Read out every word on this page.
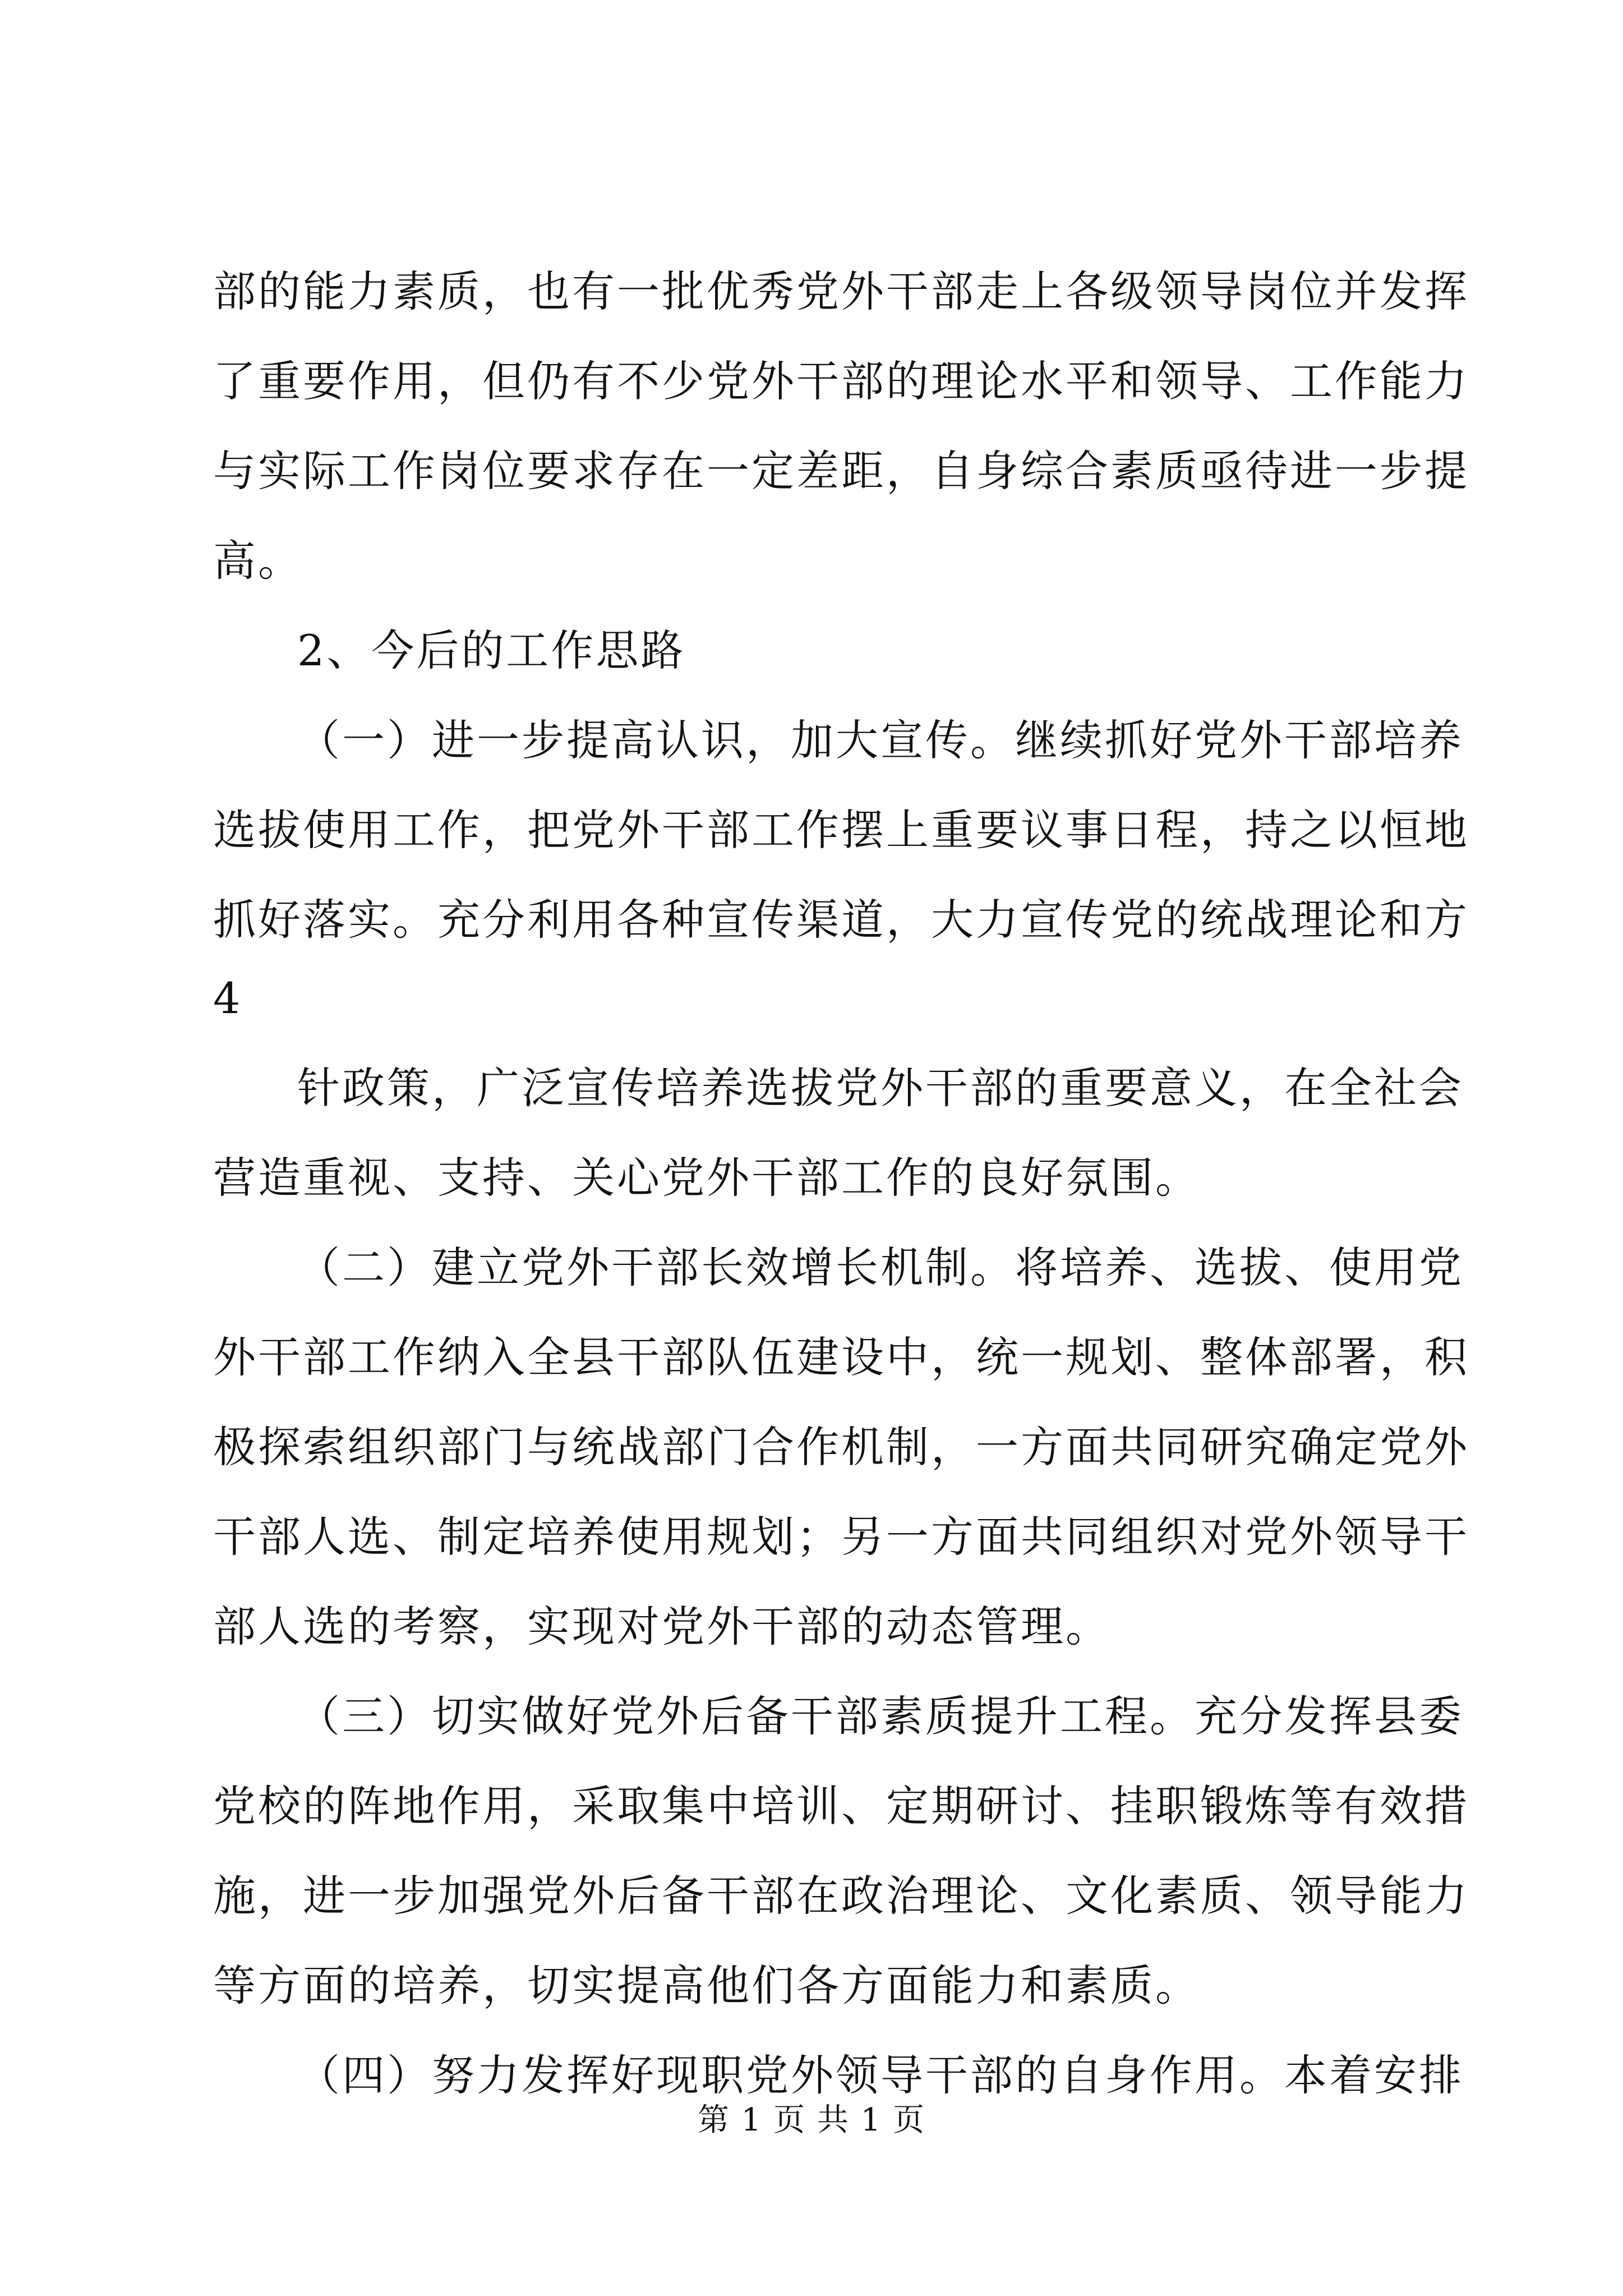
部的能力素质，也有一批优秀党外干部走上各级领导岗位并发挥
了重要作用，但仍有不少党外干部的理论水平和领导、工作能力
与实际工作岗位要求存在一定差距，自身综合素质亟待进一步提
高。
2、今后的工作思路
（一）进一步提高认识，加大宣传。继续抓好党外干部培养
选拔使用工作，把党外干部工作摆上重要议事日程，持之以恒地
抓好落实。充分利用各种宣传渠道，大力宣传党的统战理论和方
4
针政策，广泛宣传培养选拔党外干部的重要意义，在全社会
营造重视、支持、关心党外干部工作的良好氛围。
（二）建立党外干部长效增长机制。将培养、选拔、使用党
外干部工作纳入全县干部队伍建设中，统一规划、整体部署，积
极探索组织部门与统战部门合作机制，一方面共同研究确定党外
干部人选、制定培养使用规划；另一方面共同组织对党外领导干
部人选的考察，实现对党外干部的动态管理。
（三）切实做好党外后备干部素质提升工程。充分发挥县委
党校的阵地作用，采取集中培训、定期研讨、挂职锻炼等有效措
施，进一步加强党外后备干部在政治理论、文化素质、领导能力
等方面的培养，切实提高他们各方面能力和素质。
（四）努力发挥好现职党外领导干部的自身作用。本着安排
第 1 页 共 1 页
